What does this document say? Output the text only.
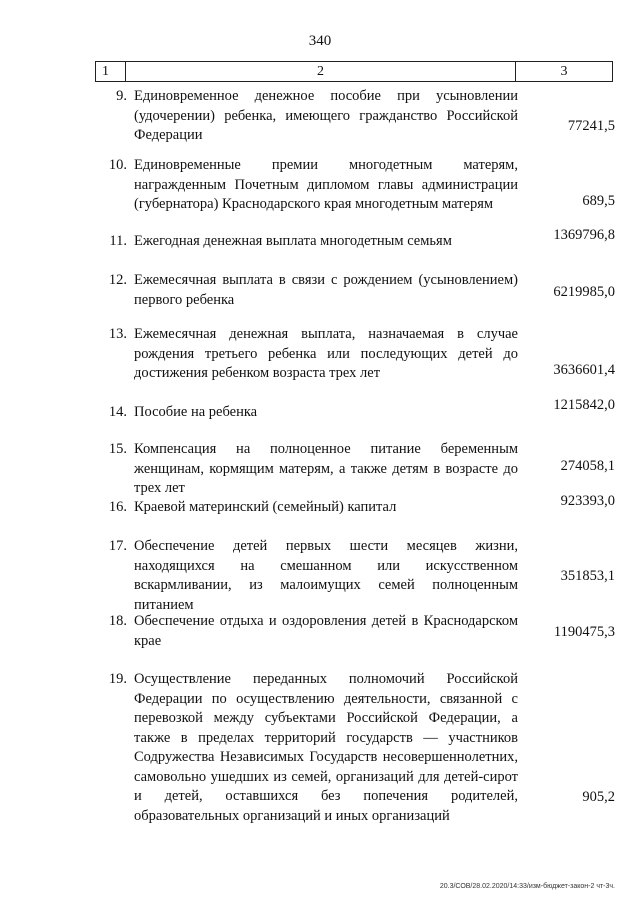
340
1	2	3
9. Единовременное денежное пособие при усыновлении (удочерении) ребенка, имеющего гражданство Российской Федерации
77241,5
10. Единовременные премии многодетным матерям, награжденным Почетным дипломом главы администрации (губернатора) Краснодарского края многодетным матерям	689,5
11. Ежегодная денежная выплата многодетным семьям	1369796,8
12. Ежемесячная выплата в связи с рождением (усыновлением) первого ребенка	6219985,0
13. Ежемесячная денежная выплата, назначаемая в случае рождения третьего ребенка или последующих детей до достижения ребенком возраста трех лет	3636601,4
14. Пособие на ребенка	1215842,0
15. Компенсация на полноценное питание беременным женщинам, кормящим матерям, а также детям в возрасте до трех лет
274058,1
16. Краевой материнский (семейный) капитал	923393,0
17. Обеспечение детей первых шести месяцев жизни, находящихся на смешанном или искусственном вскармливании, из малоимущих семей полноценным питанием
351853,1
18. Обеспечение отдыха и оздоровления детей в Краснодарском крае
1190475,3
19. Осуществление переданных полномочий Российской Федерации по осуществлению деятельности, связанной с перевозкой между субъектами Российской Федерации, а также в пределах территорий государств — участников Содружества Независимых Государств несовершеннолетних, самовольно ушедших из семей, организаций для детей-сирот и детей, оставшихся без попечения родителей, образовательных организаций и иных организаций
905,2
20.3/СОВ/28.02.2020/14:33/изм-бюджет-закон-2 чт-3ч.
